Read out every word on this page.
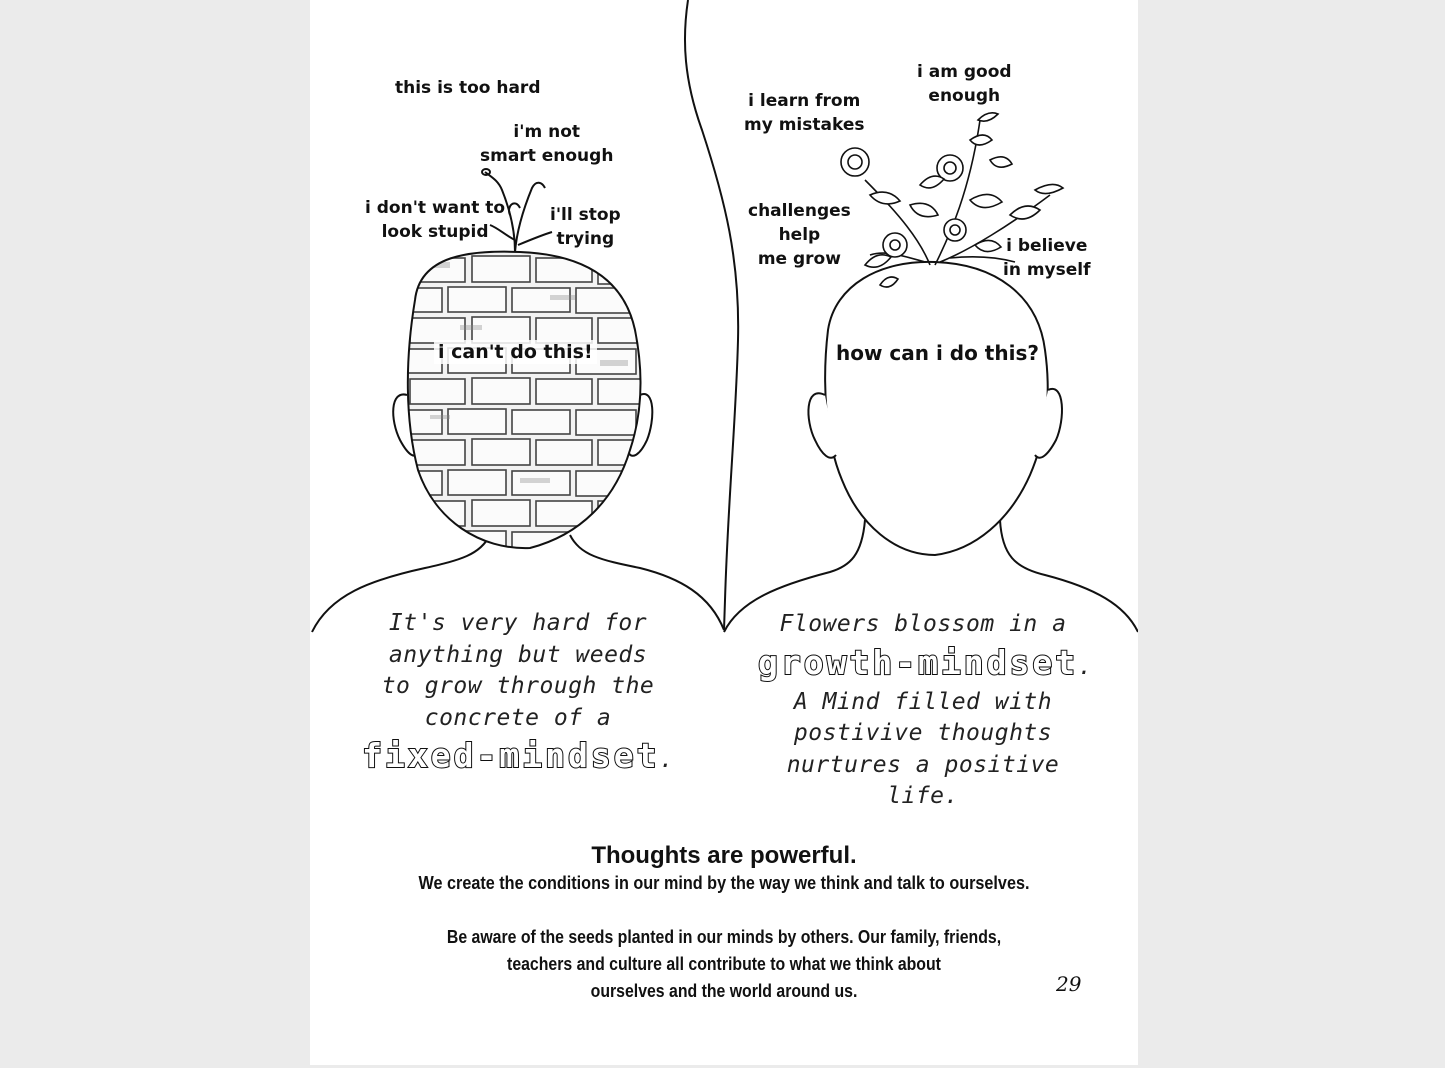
this is too hard
i'm not
smart enough
i don't want to
look stupid
i'll stop
trying
i can't do this!
i learn from
my mistakes
i am good
enough
challenges
help
me grow
i believe
in myself
how can i do this?
It's very hard for
anything but weeds
to grow through the
concrete of a
fixed-mindset.
Flowers blossom in a
growth-mindset.
A Mind filled with
postivive thoughts
nurtures a positive
life.
Thoughts are powerful.
We create the conditions in our mind by the way we think and talk to ourselves.
Be aware of the seeds planted in our minds by others. Our family, friends,
teachers and culture all contribute to what we think about
ourselves and the world around us.	29
